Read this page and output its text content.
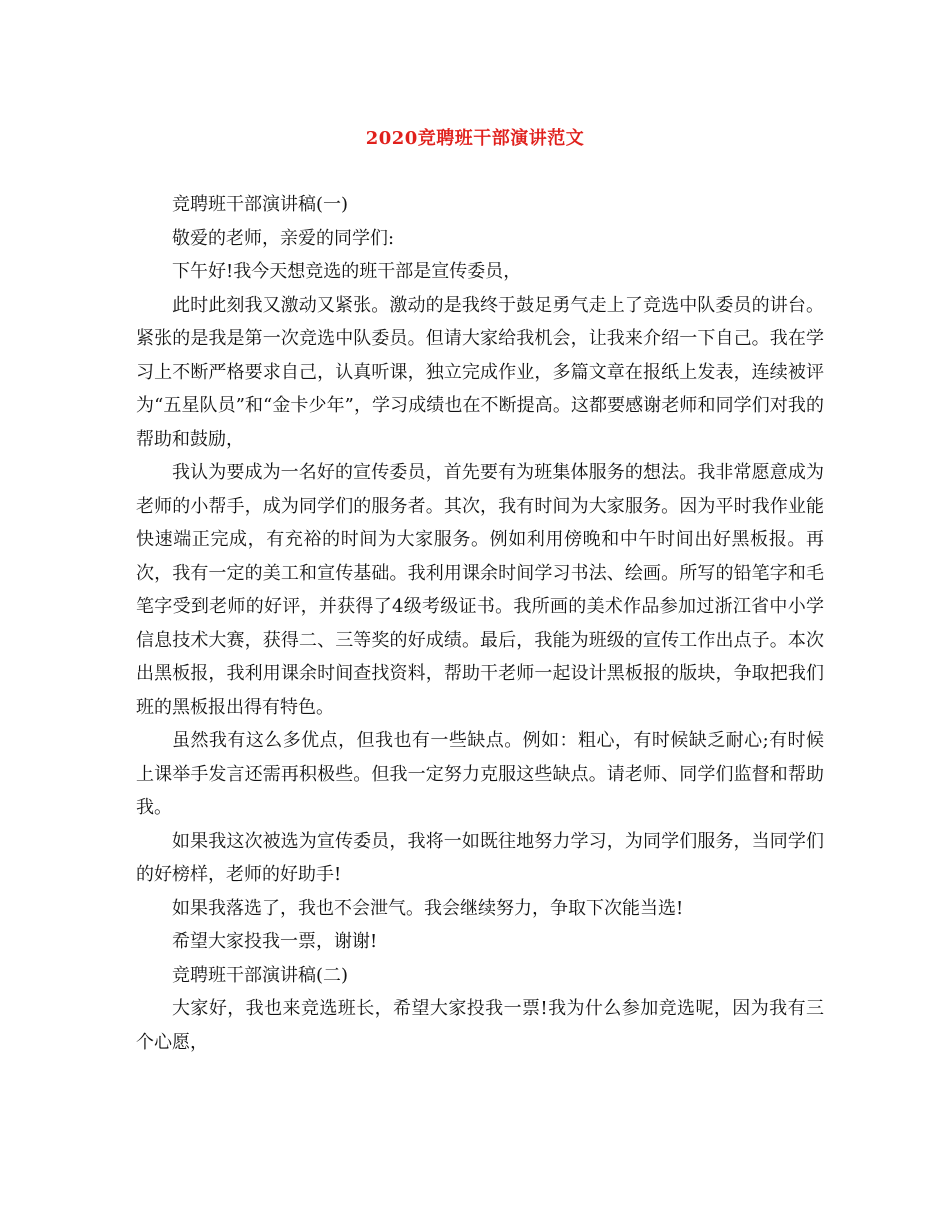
2020竞聘班干部演讲范文

竞聘班干部演讲稿(一)

敬爱的老师，亲爱的同学们:

下午好!我今天想竞选的班干部是宣传委员，

此时此刻我又激动又紧张。激动的是我终于鼓足勇气走上了竞选中队委员的讲台。紧张的是我是第一次竞选中队委员。但请大家给我机会，让我来介绍一下自己。我在学习上不断严格要求自己，认真听课，独立完成作业，多篇文章在报纸上发表，连续被评为“五星队员”和“金卡少年”，学习成绩也在不断提高。这都要感谢老师和同学们对我的帮助和鼓励，

我认为要成为一名好的宣传委员，首先要有为班集体服务的想法。我非常愿意成为老师的小帮手，成为同学们的服务者。其次，我有时间为大家服务。因为平时我作业能快速端正完成，有充裕的时间为大家服务。例如利用傍晚和中午时间出好黑板报。再次，我有一定的美工和宣传基础。我利用课余时间学习书法、绘画。所写的铅笔字和毛笔字受到老师的好评，并获得了4级考级证书。我所画的美术作品参加过浙江省中小学信息技术大赛，获得二、三等奖的好成绩。最后，我能为班级的宣传工作出点子。本次出黑板报，我利用课余时间查找资料，帮助干老师一起设计黑板报的版块，争取把我们班的黑板报出得有特色。

虽然我有这么多优点，但我也有一些缺点。例如：粗心，有时候缺乏耐心;有时候上课举手发言还需再积极些。但我一定努力克服这些缺点。请老师、同学们监督和帮助我。

如果我这次被选为宣传委员，我将一如既往地努力学习，为同学们服务，当同学们的好榜样，老师的好助手!

如果我落选了，我也不会泄气。我会继续努力，争取下次能当选!

希望大家投我一票，谢谢!

竞聘班干部演讲稿(二)

大家好，我也来竞选班长，希望大家投我一票!我为什么参加竞选呢，因为我有三个心愿，
